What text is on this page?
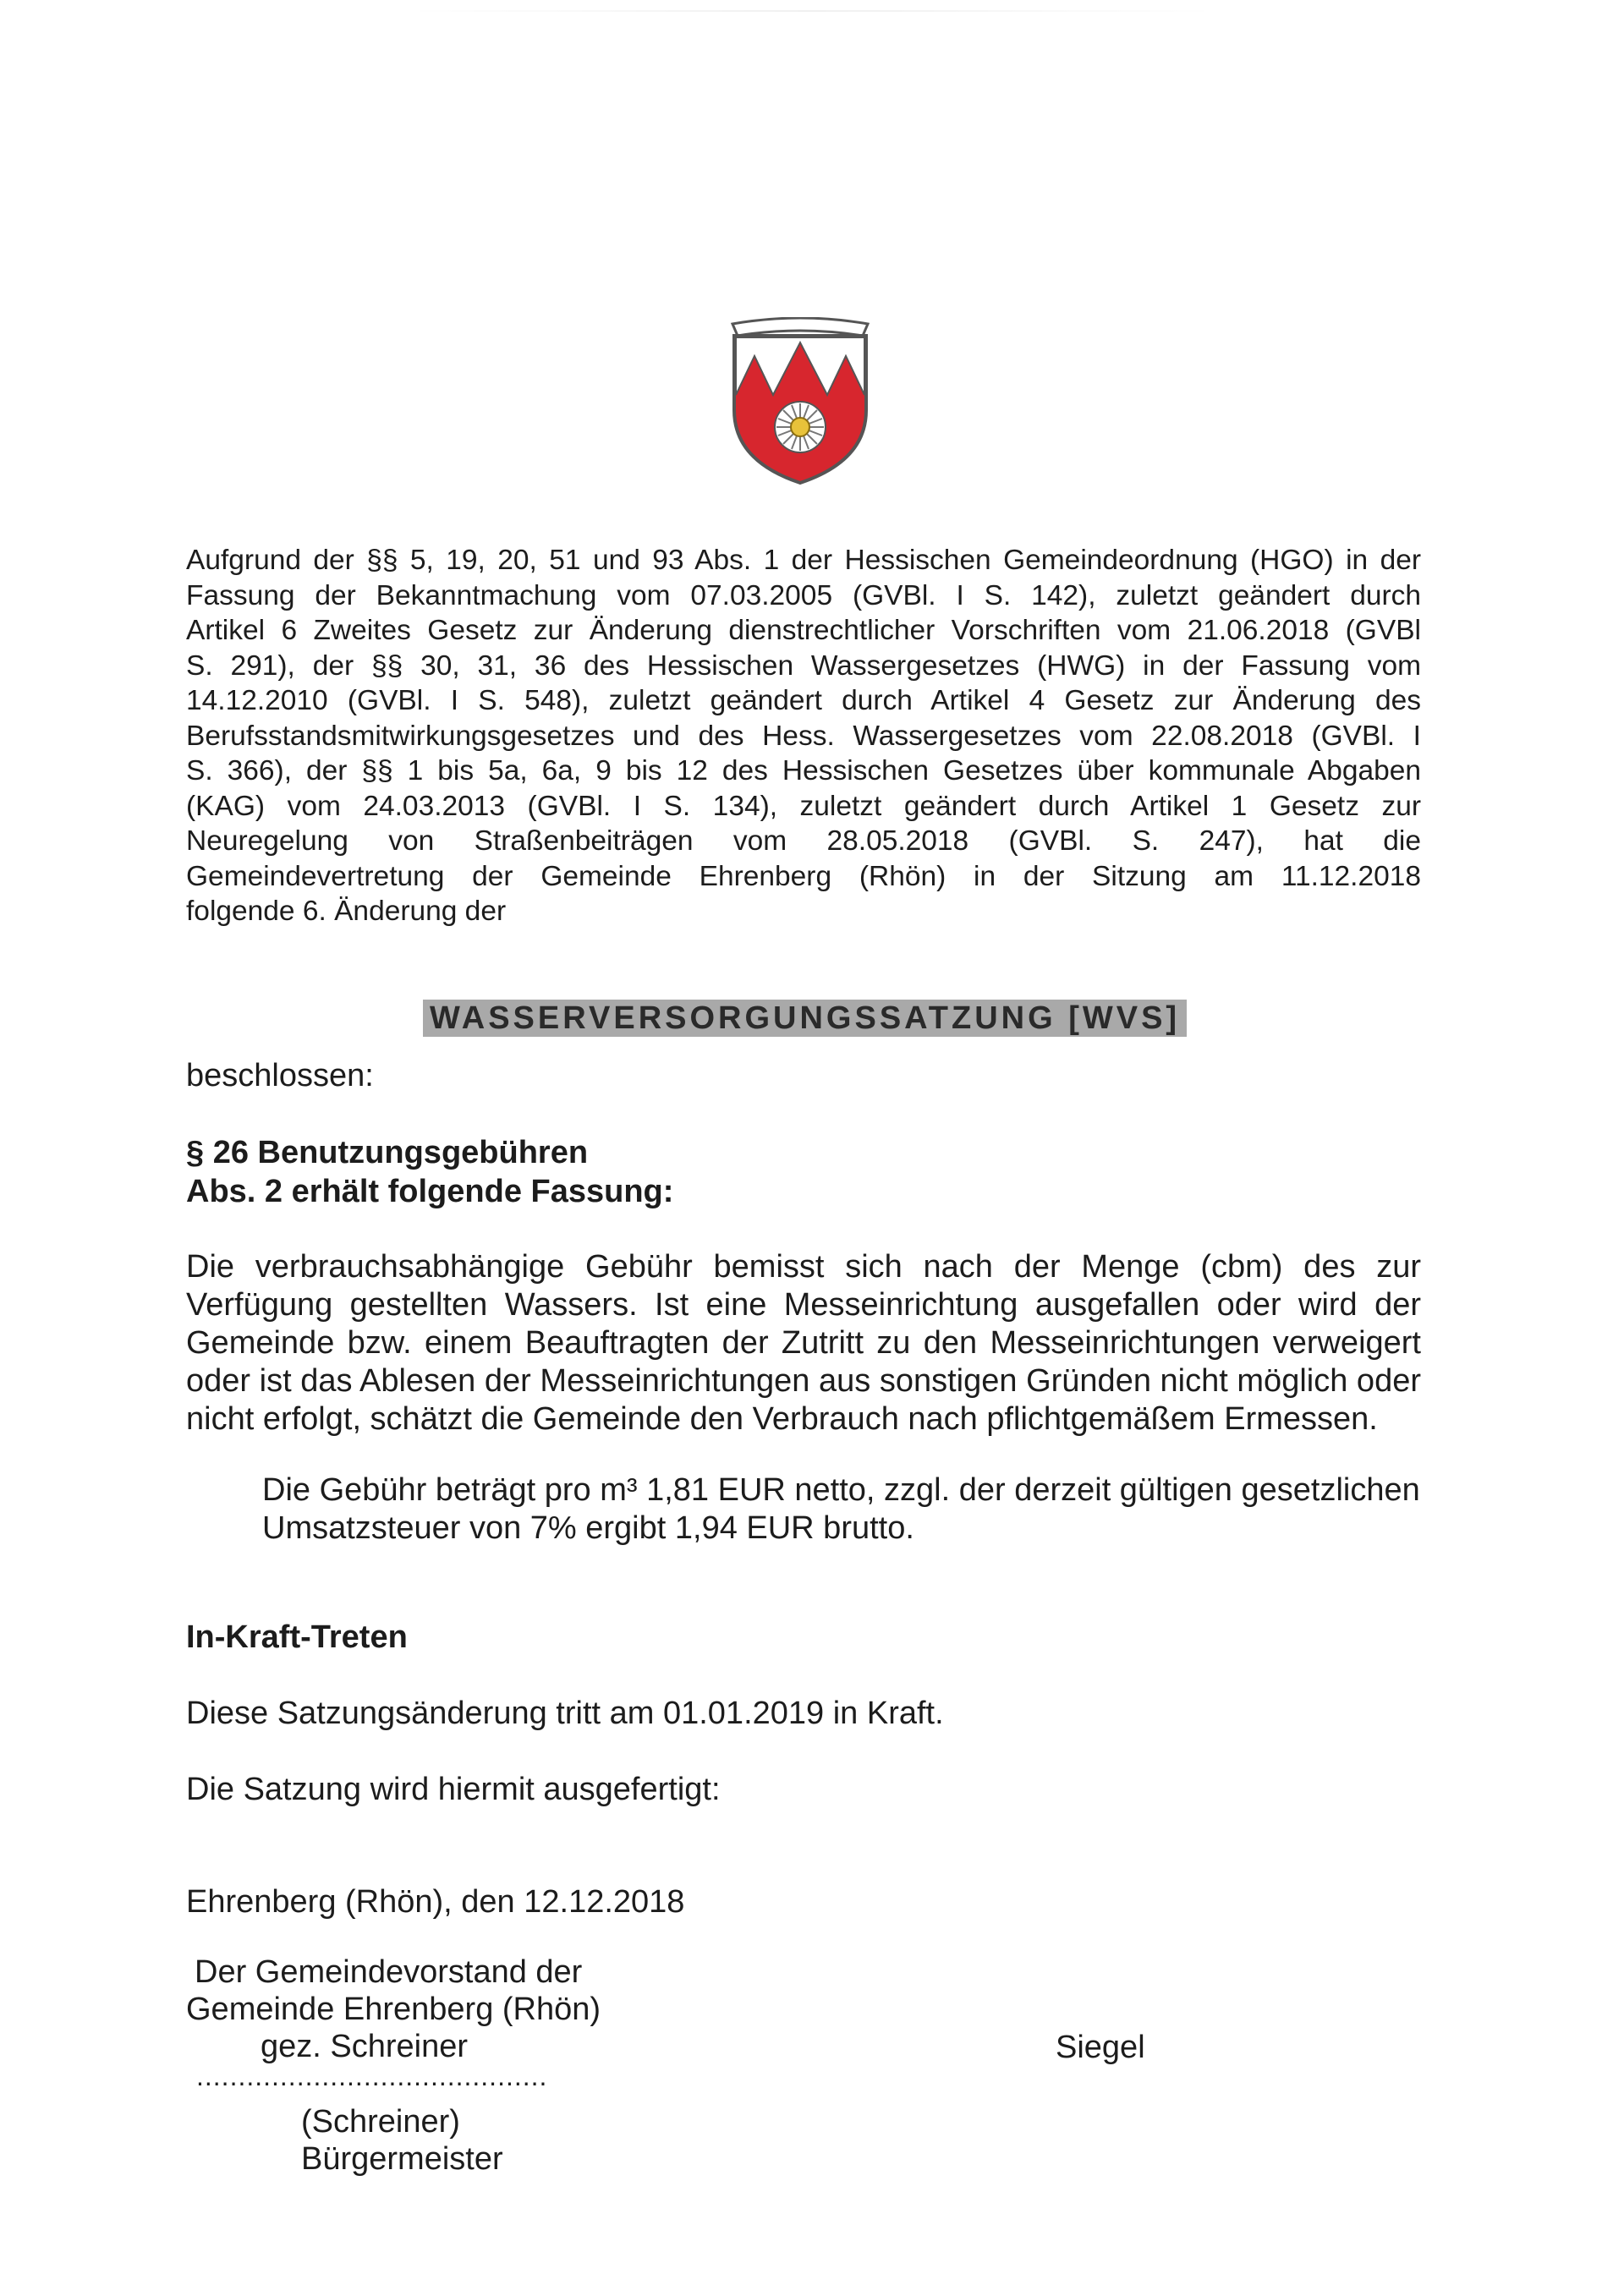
Aufgrund der §§ 5, 19, 20, 51 und 93 Abs. 1 der Hessischen Gemeindeordnung (HGO) in der
Fassung der Bekanntmachung vom 07.03.2005 (GVBl. I S. 142), zuletzt geändert durch
Artikel 6 Zweites Gesetz zur Änderung dienstrechtlicher Vorschriften vom 21.06.2018 (GVBl
S. 291), der §§ 30, 31, 36 des Hessischen Wassergesetzes (HWG) in der Fassung vom
14.12.2010 (GVBl. I S. 548), zuletzt geändert durch Artikel 4 Gesetz zur Änderung des
Berufsstandsmitwirkungsgesetzes und des Hess. Wassergesetzes vom 22.08.2018 (GVBl. I
S. 366), der §§ 1 bis 5a, 6a, 9 bis 12 des Hessischen Gesetzes über kommunale Abgaben
(KAG) vom 24.03.2013 (GVBl. I S. 134), zuletzt geändert durch Artikel 1 Gesetz zur
Neuregelung von Straßenbeiträgen vom 28.05.2018 (GVBl. S. 247), hat die
Gemeindevertretung der Gemeinde Ehrenberg (Rhön) in der Sitzung am 11.12.2018
folgende 6. Änderung der
WASSERVERSORGUNGSSATZUNG [WVS]
beschlossen:
§ 26 Benutzungsgebühren
Abs. 2 erhält folgende Fassung:
Die verbrauchsabhängige Gebühr bemisst sich nach der Menge (cbm) des zur Verfügung gestellten Wassers. Ist eine Messeinrichtung ausgefallen oder wird der Gemeinde bzw. einem Beauftragten der Zutritt zu den Messeinrichtungen verweigert oder ist das Ablesen der Messeinrichtungen aus sonstigen Gründen nicht möglich oder nicht erfolgt, schätzt die Gemeinde den Verbrauch nach pflichtgemäßem Ermessen.
Die Gebühr beträgt pro m³ 1,81 EUR netto, zzgl. der derzeit gültigen gesetzlichen
Umsatzsteuer von 7% ergibt 1,94 EUR brutto.
In-Kraft-Treten
Diese Satzungsänderung tritt am 01.01.2019 in Kraft.
Die Satzung wird hiermit ausgefertigt:
Ehrenberg (Rhön), den 12.12.2018
Der Gemeindevorstand der
Gemeinde Ehrenberg (Rhön)
gez. Schreiner
..........................................
(Schreiner)
Bürgermeister
Siegel
